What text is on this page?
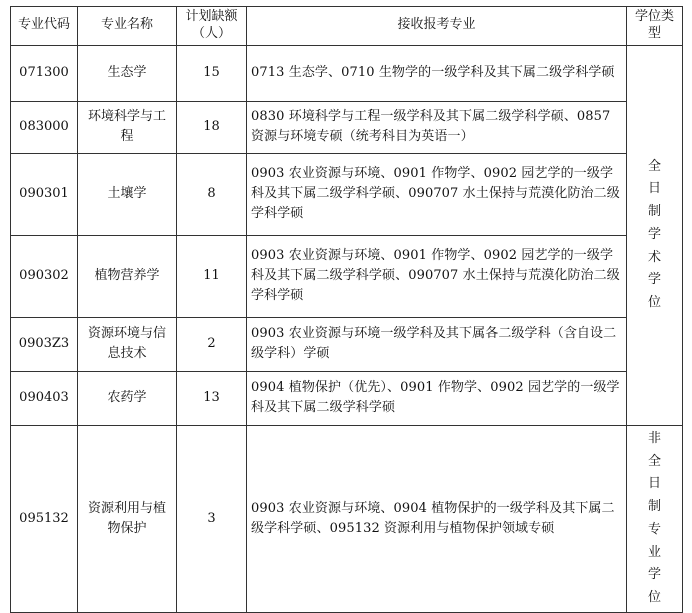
专业代码	专业名称	计划缺额（人）	接收报考专业	学位类型
071300	生态学	15	0713 生态学、0710 生物学的一级学科及其下属二级学科学硕	全日制学术学位
083000	环境科学与工程	18	0830 环境科学与工程一级学科及其下属二级学科学硕、0857 资源与环境专硕（统考科目为英语一）	
090301	土壤学	8	0903 农业资源与环境、0901 作物学、0902 园艺学的一级学科及其下属二级学科学硕、090707 水土保持与荒漠化防治二级学科学硕	
090302	植物营养学	11	0903 农业资源与环境、0901 作物学、0902 园艺学的一级学科及其下属二级学科学硕、090707 水土保持与荒漠化防治二级学科学硕	
0903Z3	资源环境与信息技术	2	0903 农业资源与环境一级学科及其下属各二级学科（含自设二级学科）学硕	
090403	农药学	13	0904 植物保护（优先）、0901 作物学、0902 园艺学的一级学科及其下属二级学科学硕	
095132	资源利用与植物保护	3	0903 农业资源与环境、0904 植物保护的一级学科及其下属二级学科学硕、095132 资源利用与植物保护领域专硕	非全日制专业学位
